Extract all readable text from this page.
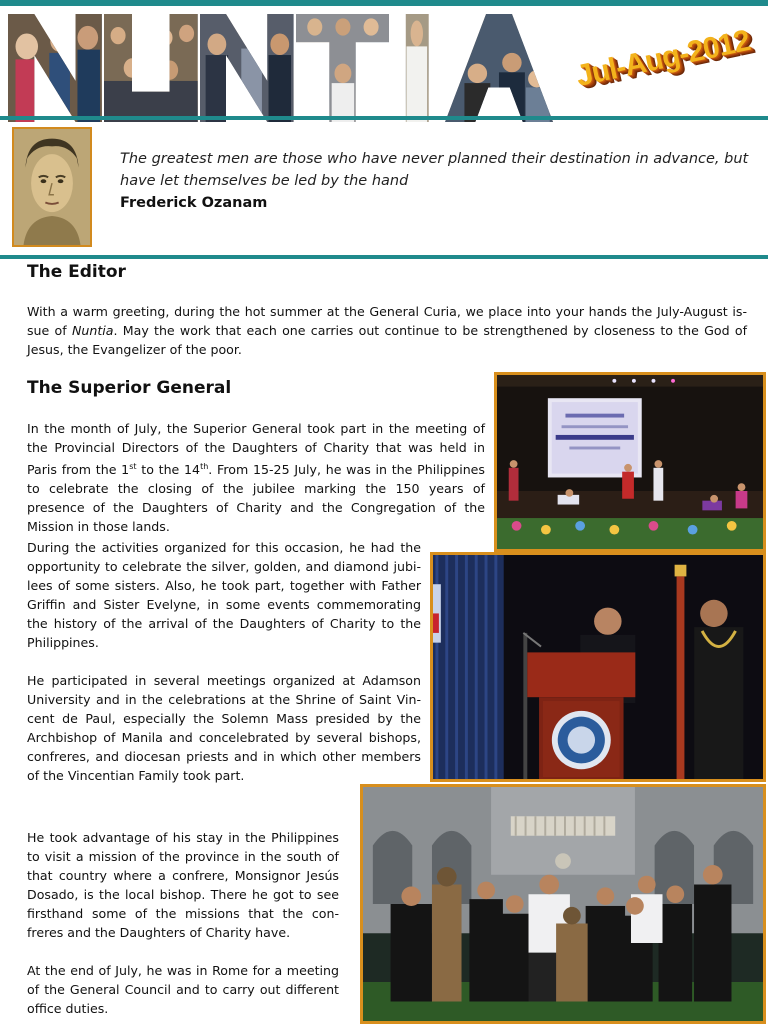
Jul-Aug-2012
The greatest men are those who have never planned their destination in advance, but have let themselves be led by the hand
Frederick Ozanam
The Editor

With a warm greeting, during the hot summer at the General Curia, we place into your hands the July-August is-sue of Nuntia. May the work that each one carries out continue to be strengthened by closeness to the God of Jesus, the Evangelizer of the poor.

The Superior General

In the month of July, the Superior General took part in the meeting of the Provincial Directors of the Daughters of Charity that was held in Paris from the 1st to the 14th. From 15-25 July, he was in the Philippines to celebrate the closing of the jubilee marking the 150 years of presence of the Daughters of Charity and the Congregation of the Mission in those lands.

During the activities organized for this occasion, he had the opportunity to celebrate the silver, golden, and diamond jubi-lees of some sisters. Also, he took part, together with Father Griffin and Sister Evelyne, in some events commemorating the history of the arrival of the Daughters of Charity to the Philippines.

He participated in several meetings organized at Adamson University and in the celebrations at the Shrine of Saint Vin-cent de Paul, especially the Solemn Mass presided by the Archbishop of Manila and concelebrated by several bishops, confreres, and diocesan priests and in which other members of the Vincentian Family took part.

He took advantage of his stay in the Philippines to visit a mission of the province in the south of that country where a confrere, Monsignor Jesús Dosado, is the local bishop. There he got to see firsthand some of the missions that the con-freres and the Daughters of Charity have.

At the end of July, he was in Rome for a meeting of the General Council and to carry out different office duties.
